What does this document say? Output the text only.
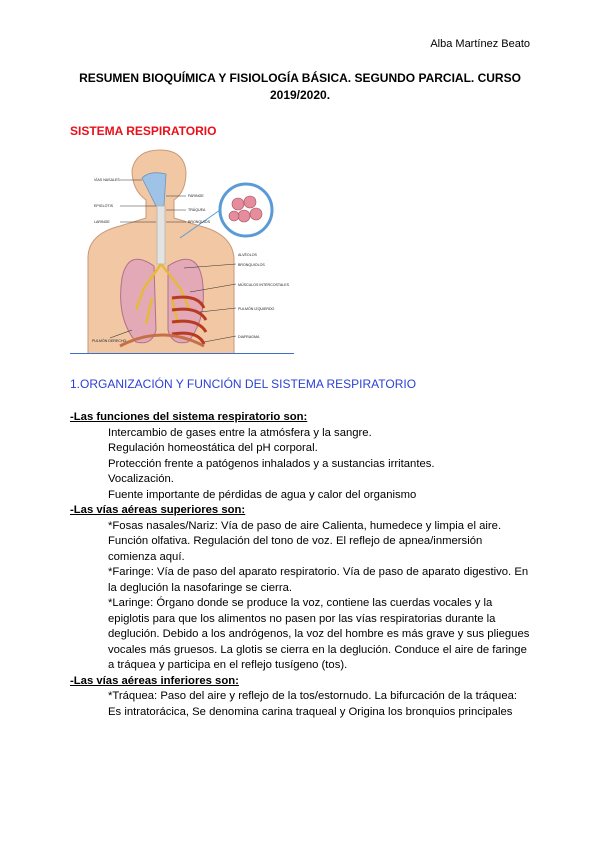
Alba Martínez Beato
RESUMEN BIOQUÍMICA Y FISIOLOGÍA BÁSICA. SEGUNDO PARCIAL. CURSO 2019/2020.
SISTEMA RESPIRATORIO
VÍAS NASALES
EPIGLOTIS
LARINGE
FARINGE
TRÁQUEA
BRONQUIOS
ALVÉOLOS
BRONQUIOLOS
MÚSCULOS INTERCOSTALES
PULMÓN IZQUIERDO
PULMÓN DERECHO
DIAFRAGMA
1.ORGANIZACIÓN Y FUNCIÓN DEL SISTEMA RESPIRATORIO
-Las funciones del sistema respiratorio son:
Intercambio de gases entre la atmósfera y la sangre.
Regulación homeostática del pH corporal.
Protección frente a patógenos inhalados y a sustancias irritantes.
Vocalización.
Fuente importante de pérdidas de agua y calor del organismo
-Las vías aéreas superiores son:
*Fosas nasales/Nariz: Vía de paso de aire Calienta, humedece y limpia el aire. Función olfativa. Regulación del tono de voz. El reflejo de apnea/inmersión comienza aquí.
*Faringe: Vía de paso del aparato respiratorio. Vía de paso de aparato digestivo. En la deglución la nasofaringe se cierra.
*Laringe: Órgano donde se produce la voz, contiene las cuerdas vocales y la epiglotis para que los alimentos no pasen por las vías respiratorias durante la deglución. Debido a los andrógenos, la voz del hombre es más grave y sus pliegues vocales más gruesos. La glotis se cierra en la deglución. Conduce el aire de faringe a tráquea y participa en el reflejo tusígeno (tos).
-Las vías aéreas inferiores son:
*Tráquea: Paso del aire y reflejo de la tos/estornudo. La bifurcación de la tráquea: Es intratorácica, Se denomina carina traqueal y Origina los bronquios principales
